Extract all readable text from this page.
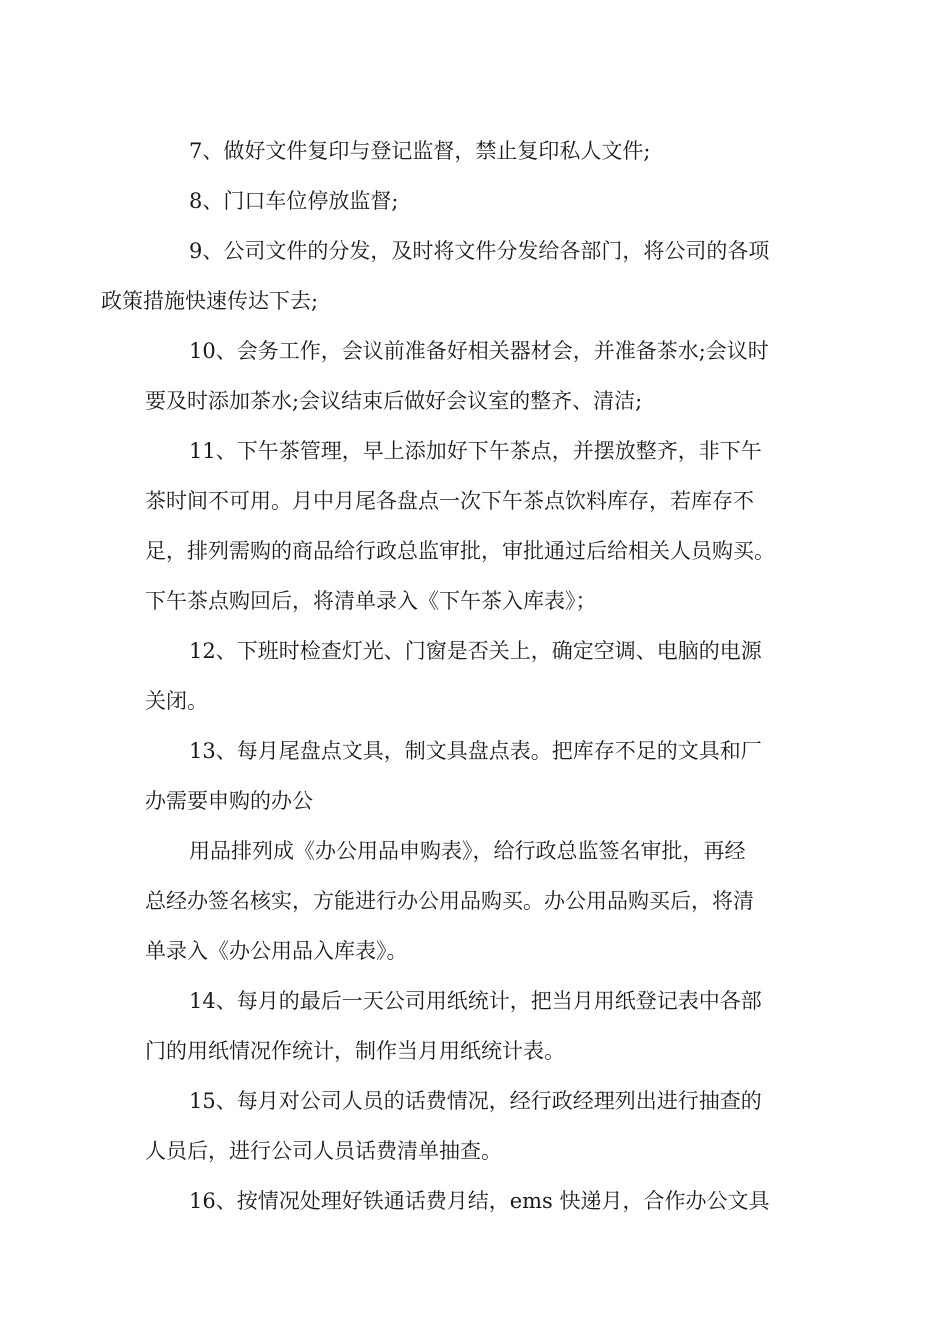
7、做好文件复印与登记监督，禁止复印私人文件;
8、门口车位停放监督;
9、公司文件的分发，及时将文件分发给各部门，将公司的各项
政策措施快速传达下去;
10、会务工作，会议前准备好相关器材会，并准备茶水;会议时
要及时添加茶水;会议结束后做好会议室的整齐、清洁;
11、下午茶管理，早上添加好下午茶点，并摆放整齐，非下午
茶时间不可用。月中月尾各盘点一次下午茶点饮料库存，若库存不
足，排列需购的商品给行政总监审批，审批通过后给相关人员购买。
下午茶点购回后，将清单录入《下午茶入库表》；
12、下班时检查灯光、门窗是否关上，确定空调、电脑的电源
关闭。
13、每月尾盘点文具，制文具盘点表。把库存不足的文具和厂
办需要申购的办公
用品排列成《办公用品申购表》，给行政总监签名审批，再经
总经办签名核实，方能进行办公用品购买。办公用品购买后，将清
单录入《办公用品入库表》。
14、每月的最后一天公司用纸统计，把当月用纸登记表中各部
门的用纸情况作统计，制作当月用纸统计表。
15、每月对公司人员的话费情况，经行政经理列出进行抽查的
人员后，进行公司人员话费清单抽查。
16、按情况处理好铁通话费月结，ems 快递月，合作办公文具
